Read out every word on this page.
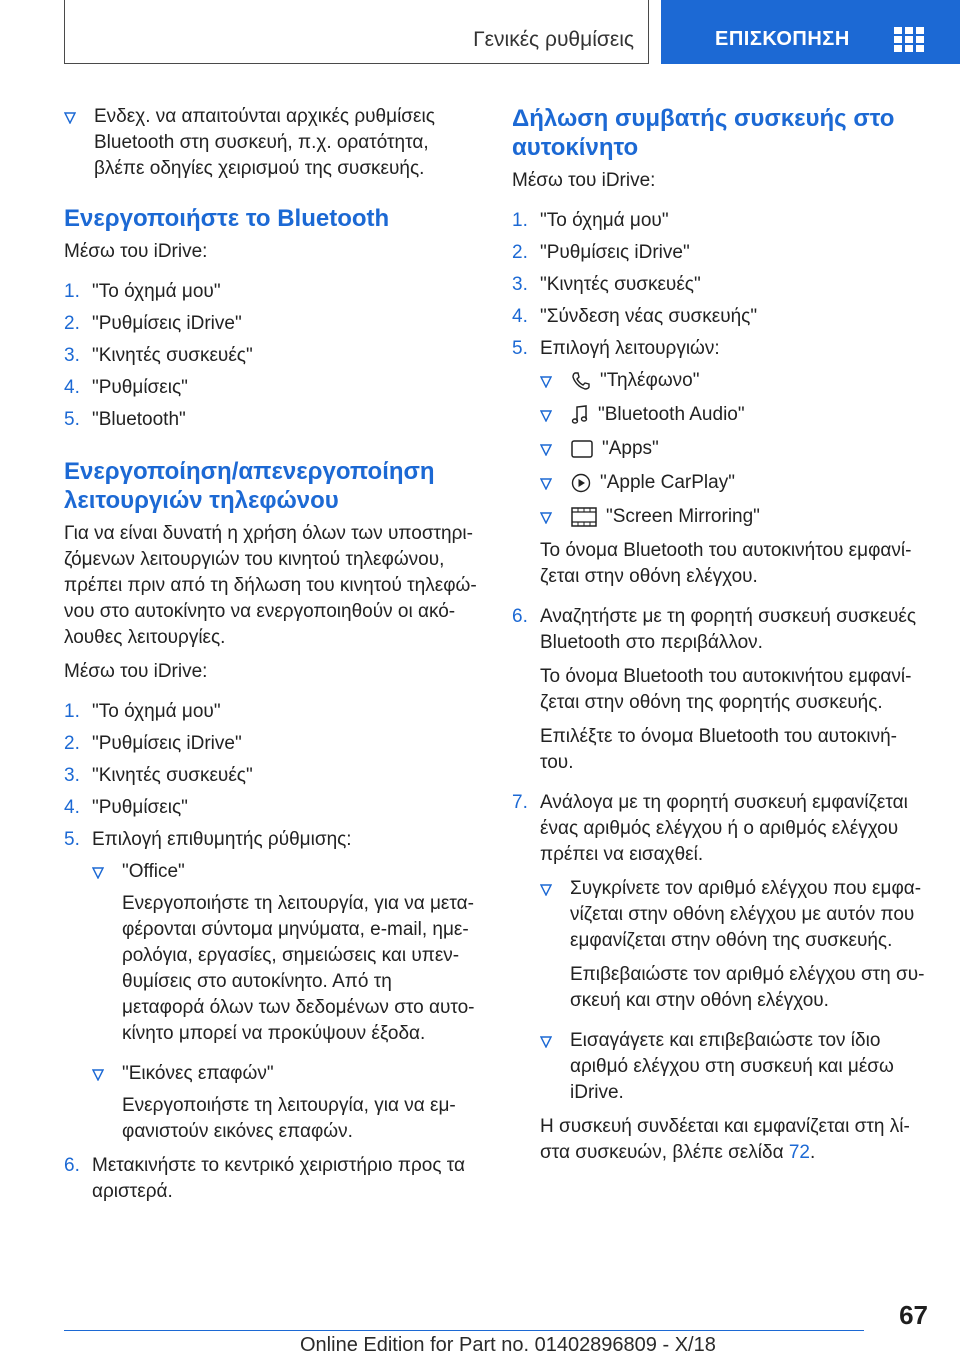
Γενικές ρυθμίσεις	ΕΠΙΣΚΟΠΗΣΗ
Ενδεχ. να απαιτούνται αρχικές ρυθμίσεις
Bluetooth στη συσκευή, π.χ. ορατότητα,
βλέπε οδηγίες χειρισμού της συσκευής.
Ενεργοποιήστε το Bluetooth
Μέσω του iDrive:
1. "Το όχημά μου"
2. "Ρυθμίσεις iDrive"
3. "Κινητές συσκευές"
4. "Ρυθμίσεις"
5. "Bluetooth"
Ενεργοποίηση/απενεργοποίηση
λειτουργιών τηλεφώνου
Για να είναι δυνατή η χρήση όλων των υποστηρι-
ζόμενων λειτουργιών του κινητού τηλεφώνου,
πρέπει πριν από τη δήλωση του κινητού τηλεφώ-
νου στο αυτοκίνητο να ενεργοποιηθούν οι ακό-
λουθες λειτουργίες.
Μέσω του iDrive:
1. "Το όχημά μου"
2. "Ρυθμίσεις iDrive"
3. "Κινητές συσκευές"
4. "Ρυθμίσεις"
5. Επιλογή επιθυμητής ρύθμισης:
"Office"
Ενεργοποιήστε τη λειτουργία, για να μετα-
φέρονται σύντομα μηνύματα, e-mail, ημε-
ρολόγια, εργασίες, σημειώσεις και υπεν-
θυμίσεις στο αυτοκίνητο. Από τη
μεταφορά όλων των δεδομένων στο αυτο-
κίνητο μπορεί να προκύψουν έξοδα.
"Εικόνες επαφών"
Ενεργοποιήστε τη λειτουργία, για να εμ-
φανιστούν εικόνες επαφών.
6. Μετακινήστε το κεντρικό χειριστήριο προς τα
αριστερά.
Δήλωση συμβατής συσκευής στο
αυτοκίνητο
Μέσω του iDrive:
1. "Το όχημά μου"
2. "Ρυθμίσεις iDrive"
3. "Κινητές συσκευές"
4. "Σύνδεση νέας συσκευής"
5. Επιλογή λειτουργιών:
"Τηλέφωνο"
"Bluetooth Audio"
"Apps"
"Apple CarPlay"
"Screen Mirroring"
Το όνομα Bluetooth του αυτοκινήτου εμφανί-
ζεται στην οθόνη ελέγχου.
6. Αναζητήστε με τη φορητή συσκευή συσκευές
Bluetooth στο περιβάλλον.
Το όνομα Bluetooth του αυτοκινήτου εμφανί-
ζεται στην οθόνη της φορητής συσκευής.
Επιλέξτε το όνομα Bluetooth του αυτοκινή-
του.
7. Ανάλογα με τη φορητή συσκευή εμφανίζεται
ένας αριθμός ελέγχου ή ο αριθμός ελέγχου
πρέπει να εισαχθεί.
Συγκρίνετε τον αριθμό ελέγχου που εμφα-
νίζεται στην οθόνη ελέγχου με αυτόν που
εμφανίζεται στην οθόνη της συσκευής.
Επιβεβαιώστε τον αριθμό ελέγχου στη συ-
σκευή και στην οθόνη ελέγχου.
Εισαγάγετε και επιβεβαιώστε τον ίδιο
αριθμό ελέγχου στη συσκευή και μέσω
iDrive.
Η συσκευή συνδέεται και εμφανίζεται στη λί-
στα συσκευών, βλέπε σελίδα 72.
67
Online Edition for Part no. 01402896809 - X/18
